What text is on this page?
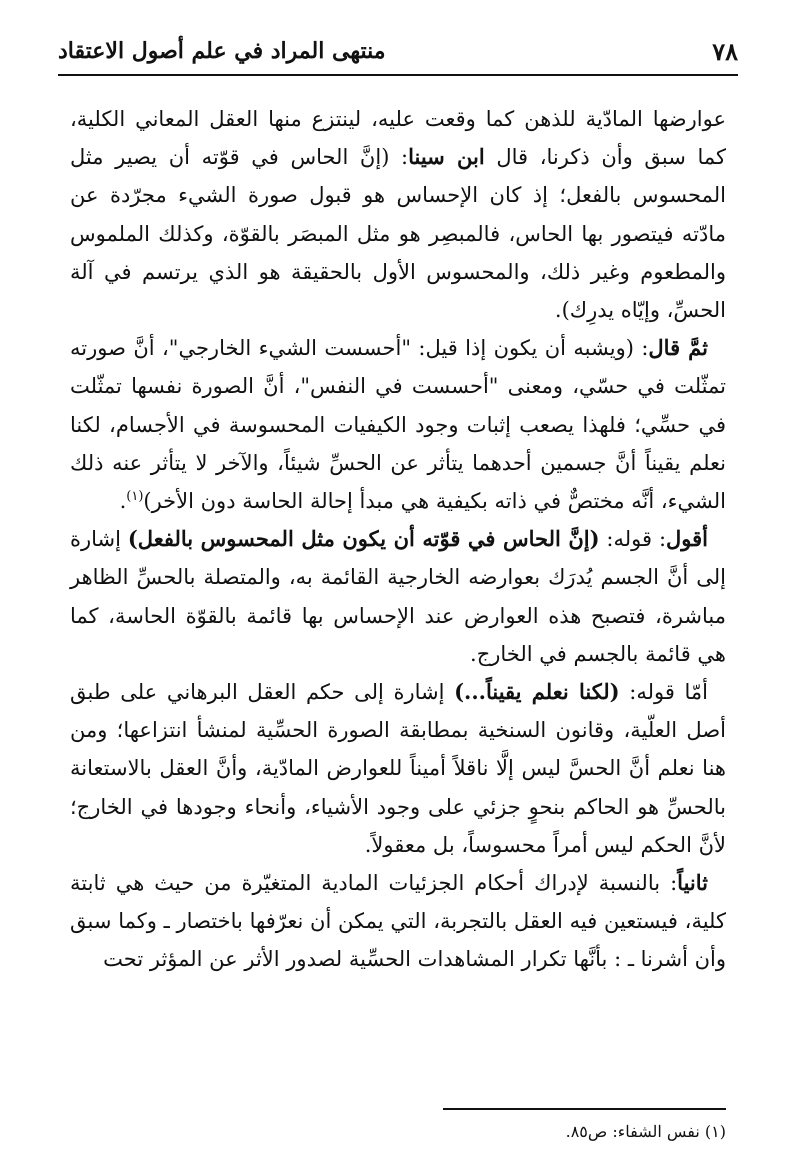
٧٨
منتهى المراد في علم أصول الاعتقاد

عوارضها المادّية للذهن كما وقعت عليه، لينتزع منها العقل المعاني الكلية، كما سبق وأن ذكرنا، قال ابن سينا: (إنَّ الحاس في قوّته أن يصير مثل المحسوس بالفعل؛ إذ كان الإحساس هو قبول صورة الشيء مجرّدة عن مادّته فيتصور بها الحاس، فالمبصِر هو مثل المبصَر بالقوّة، وكذلك الملموس والمطعوم وغير ذلك، والمحسوس الأول بالحقيقة هو الذي يرتسم في آلة الحسِّ، وإيّاه يدرِك).

ثمَّ قال: (ويشبه أن يكون إذا قيل: "أحسست الشيء الخارجي"، أنَّ صورته تمثّلت في حسّي، ومعنى "أحسست في النفس"، أنَّ الصورة نفسها تمثّلت في حسِّي؛ فلهذا يصعب إثبات وجود الكيفيات المحسوسة في الأجسام، لكنا نعلم يقيناً أنَّ جسمين أحدهما يتأثر عن الحسِّ شيئاً، والآخر لا يتأثر عنه ذلك الشيء، أنَّه مختصٌّ في ذاته بكيفية هي مبدأ إحالة الحاسة دون الأخر)$^{(١)}$.

أقول: قوله: (إنَّ الحاس في قوّته أن يكون مثل المحسوس بالفعل) إشارة إلى أنَّ الجسم يُدرَك بعوارضه الخارجية القائمة به، والمتصلة بالحسِّ الظاهر مباشرة، فتصبح هذه العوارض عند الإحساس بها قائمة بالقوّة الحاسة، كما هي قائمة بالجسم في الخارج.

أمّا قوله: (لكنا نعلم يقيناً...) إشارة إلى حكم العقل البرهاني على طبق أصل العلّية، وقانون السنخية بمطابقة الصورة الحسِّية لمنشأ انتزاعها؛ ومن هنا نعلم أنَّ الحسَّ ليس إلَّا ناقلاً أميناً للعوارض المادّية، وأنَّ العقل بالاستعانة بالحسِّ هو الحاكم بنحوٍ جزئي على وجود الأشياء، وأنحاء وجودها في الخارج؛ لأنَّ الحكم ليس أمراً محسوساً، بل معقولاً.

ثانياً: بالنسبة لإدراك أحكام الجزئيات المادية المتغيّرة من حيث هي ثابتة كلية، فيستعين فيه العقل بالتجربة، التي يمكن أن نعرّفها باختصار ـ وكما سبق وأن أشرنا ـ : بأنَّها تكرار المشاهدات الحسِّية لصدور الأثر عن المؤثر تحت

(١) نفس الشفاء: ص٨٥.
